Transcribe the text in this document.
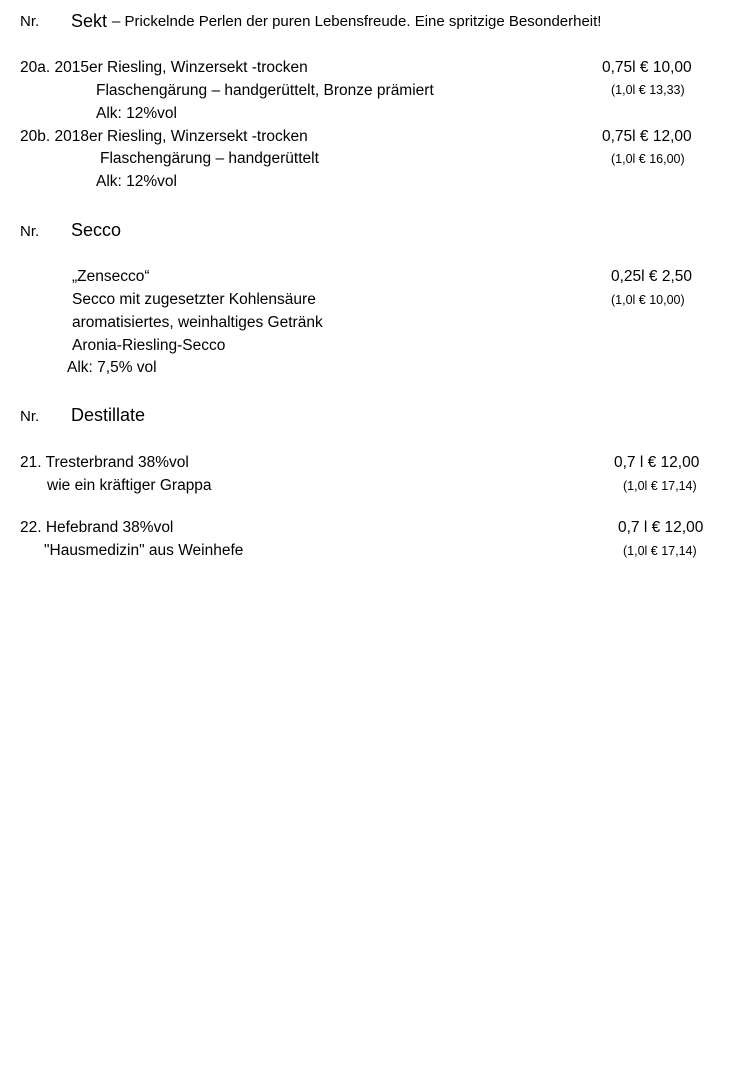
Nr. Sekt – Prickelnde Perlen der puren Lebensfreude. Eine spritzige Besonderheit!
20a. 2015er Riesling, Winzersekt -trocken	0,75l € 10,00
Flaschengärung – handgerüttelt, Bronze prämiert	(1,0l € 13,33)
Alk: 12%vol
20b. 2018er Riesling, Winzersekt -trocken	0,75l € 12,00
Flaschengärung – handgerüttelt	(1,0l € 16,00)
Alk: 12%vol
Nr. Secco
„Zensecco“	0,25l € 2,50
Secco mit zugesetzter Kohlensäure	(1,0l € 10,00)
aromatisiertes, weinhaltiges Getränk
Aronia-Riesling-Secco
Alk: 7,5% vol
Nr. Destillate
21. Tresterbrand 38%vol	0,7 l € 12,00
wie ein kräftiger Grappa	(1,0l € 17,14)
22. Hefebrand 38%vol	0,7 l € 12,00
"Hausmedizin" aus Weinhefe	(1,0l € 17,14)
